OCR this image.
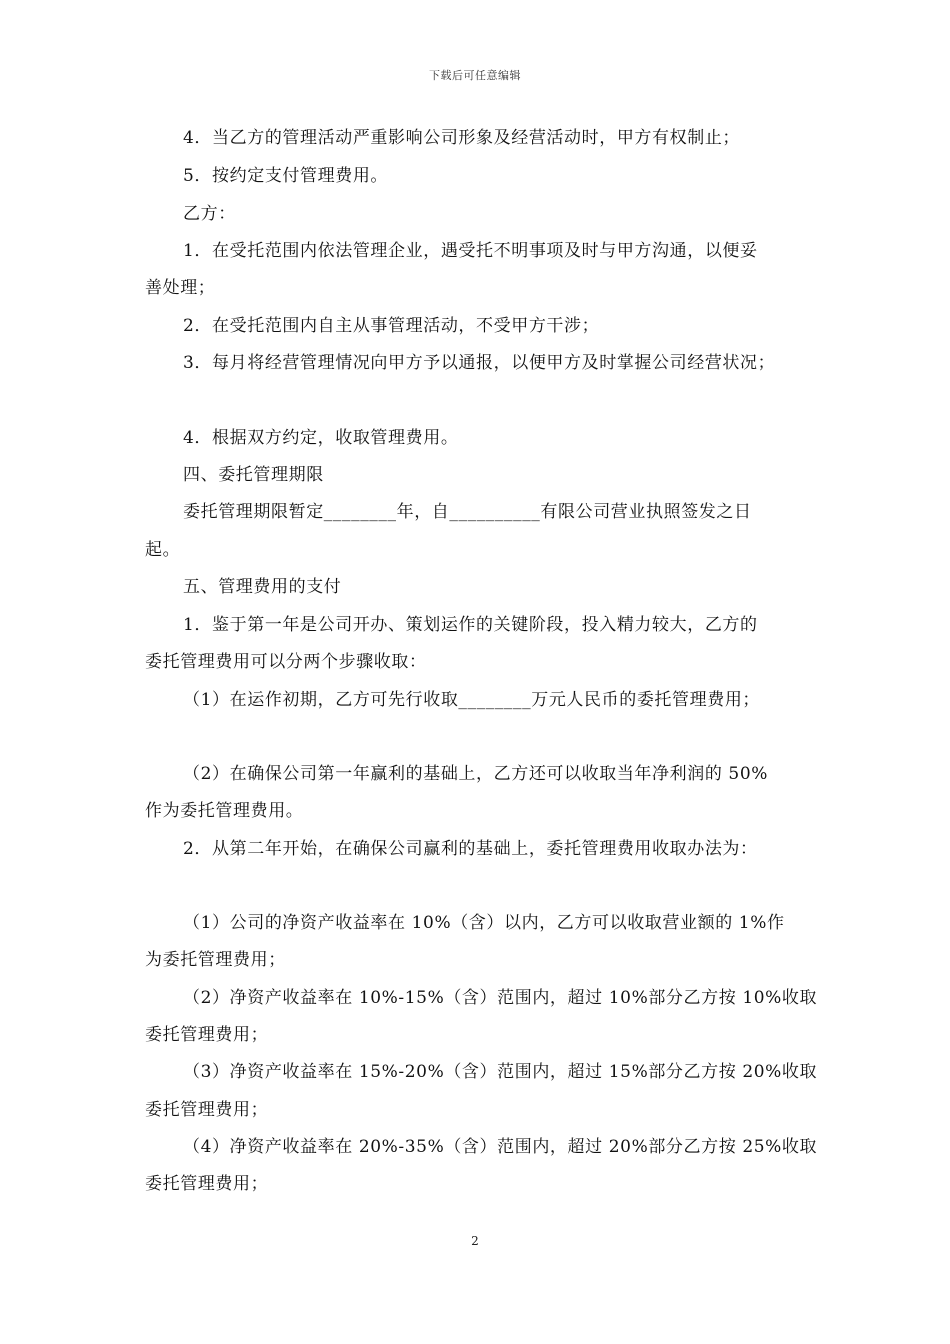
下载后可任意编辑
4．当乙方的管理活动严重影响公司形象及经营活动时，甲方有权制止；
5．按约定支付管理费用。
乙方：
1．在受托范围内依法管理企业，遇受托不明事项及时与甲方沟通，以便妥
善处理；
2．在受托范围内自主从事管理活动，不受甲方干涉；
3．每月将经营管理情况向甲方予以通报，以便甲方及时掌握公司经营状况；
4．根据双方约定，收取管理费用。
四、委托管理期限
委托管理期限暂定________年，自__________有限公司营业执照签发之日
起。
五、管理费用的支付
1．鉴于第一年是公司开办、策划运作的关键阶段，投入精力较大，乙方的
委托管理费用可以分两个步骤收取：
（1）在运作初期，乙方可先行收取________万元人民币的委托管理费用；
（2）在确保公司第一年赢利的基础上，乙方还可以收取当年净利润的 50%
作为委托管理费用。
2．从第二年开始，在确保公司赢利的基础上，委托管理费用收取办法为：
（1）公司的净资产收益率在 10%（含）以内，乙方可以收取营业额的 1%作
为委托管理费用；
（2）净资产收益率在 10%-15%（含）范围内，超过 10%部分乙方按 10%收取
委托管理费用；
（3）净资产收益率在 15%-20%（含）范围内，超过 15%部分乙方按 20%收取
委托管理费用；
（4）净资产收益率在 20%-35%（含）范围内，超过 20%部分乙方按 25%收取
委托管理费用；
2
